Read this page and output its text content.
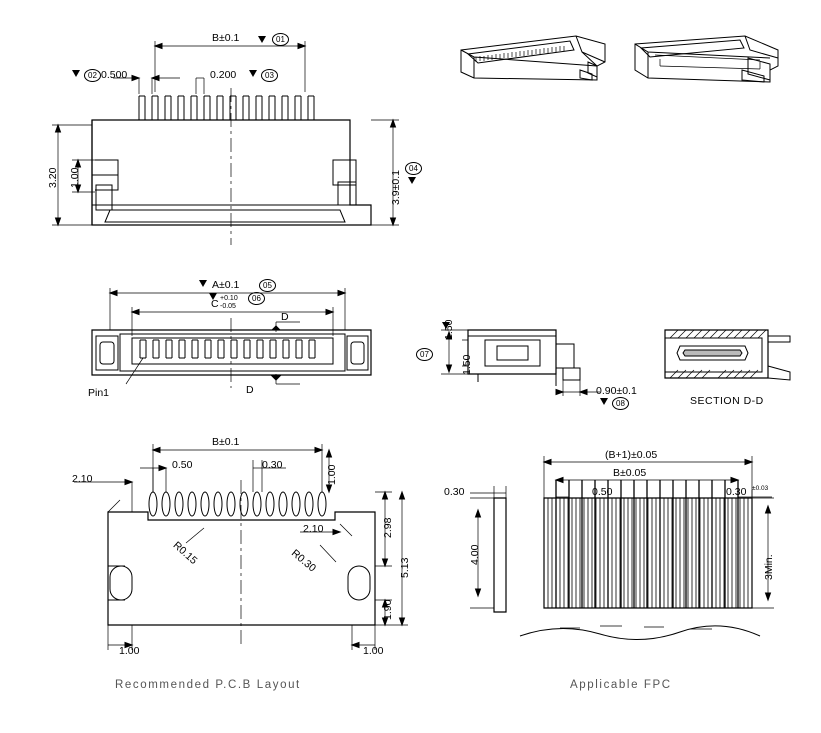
B±0.1	01
02 0.500	0.200	03
3.20 1.00	3.9±0.1
04
A±0.1	05
C +0.10
-0.05
06
D
D
Pin1
07
1.50
1.50
0.90±0.1
08	SECTION D-D
B±0.1
0.50	0.30	1.00
2.10
2.10	2.98
5.13
1.90
1.00	1.00
R0.15	R0.30
Recommended P.C.B Layout
(B+1)±0.05
B±0.05
0.50	0.30 ±0.03
0.30
4.00	3Min.
Applicable FPC
